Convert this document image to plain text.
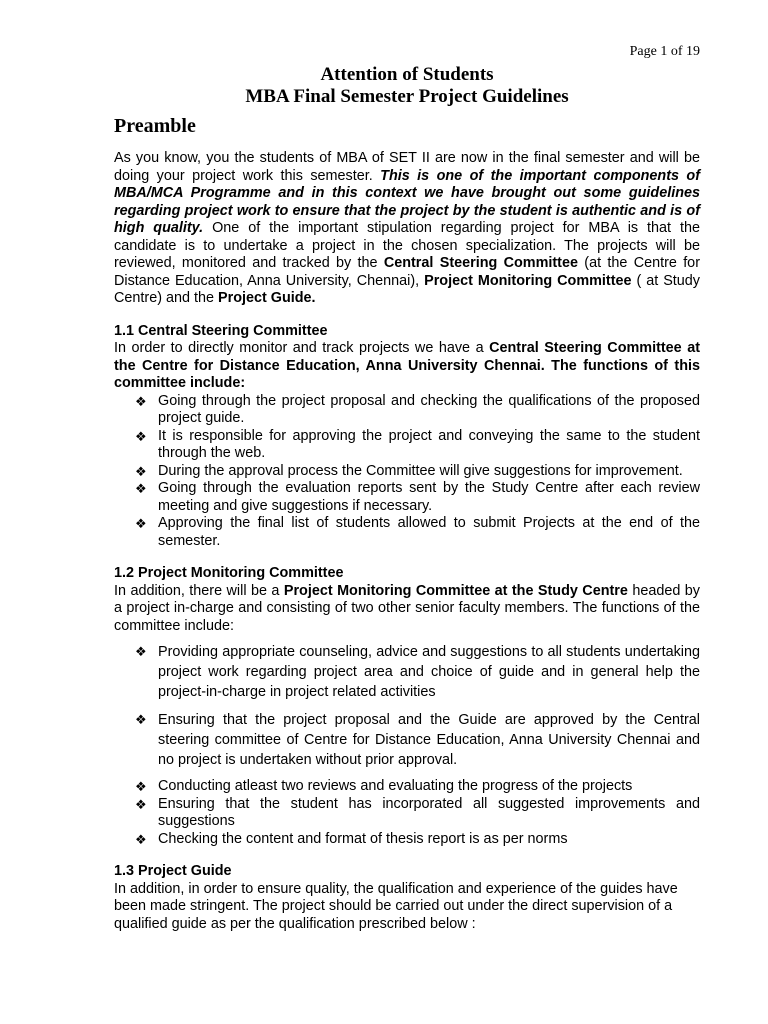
Page 1 of 19
Attention of Students
MBA Final Semester Project Guidelines
Preamble

As you know, you the students of MBA of SET II are now in the final semester and will be doing your project work this semester. This is one of the important components of MBA/MCA Programme and in this context we have brought out some guidelines regarding project work to ensure that the project by the student is authentic and is of high quality. One of the important stipulation regarding project for MBA is that the candidate is to undertake a project in the chosen specialization. The projects will be reviewed, monitored and tracked by the Central Steering Committee (at the Centre for Distance Education, Anna University, Chennai), Project Monitoring Committee ( at Study Centre) and the Project Guide.

1.1 Central Steering Committee

In order to directly monitor and track projects we have a Central Steering Committee at the Centre for Distance Education, Anna University Chennai. The functions of this committee include:

❖ Going through the project proposal and checking the qualifications of the proposed project guide.
❖ It is responsible for approving the project and conveying the same to the student through the web.
❖ During the approval process the Committee will give suggestions for improvement.
❖ Going through the evaluation reports sent by the Study Centre after each review meeting and give suggestions if necessary.
❖ Approving the final list of students allowed to submit Projects at the end of the semester.
1.2 Project Monitoring Committee

In addition, there will be a Project Monitoring Committee at the Study Centre headed by a project in-charge and consisting of two other senior faculty members. The functions of the committee include:

❖ Providing appropriate counseling, advice and suggestions to all students undertaking project work regarding project area and choice of guide and in general help the project-in-charge in project related activities
❖ Ensuring that the project proposal and the Guide are approved by the Central steering committee of Centre for Distance Education, Anna University Chennai and no project is undertaken without prior approval.
❖ Conducting atleast two reviews and evaluating the progress of the projects
❖ Ensuring that the student has incorporated all suggested improvements and suggestions
❖ Checking the content and format of thesis report is as per norms
1.3 Project Guide

In addition, in order to ensure quality, the qualification and experience of the guides have been made stringent. The project should be carried out under the direct supervision of a qualified guide as per the qualification prescribed below :
